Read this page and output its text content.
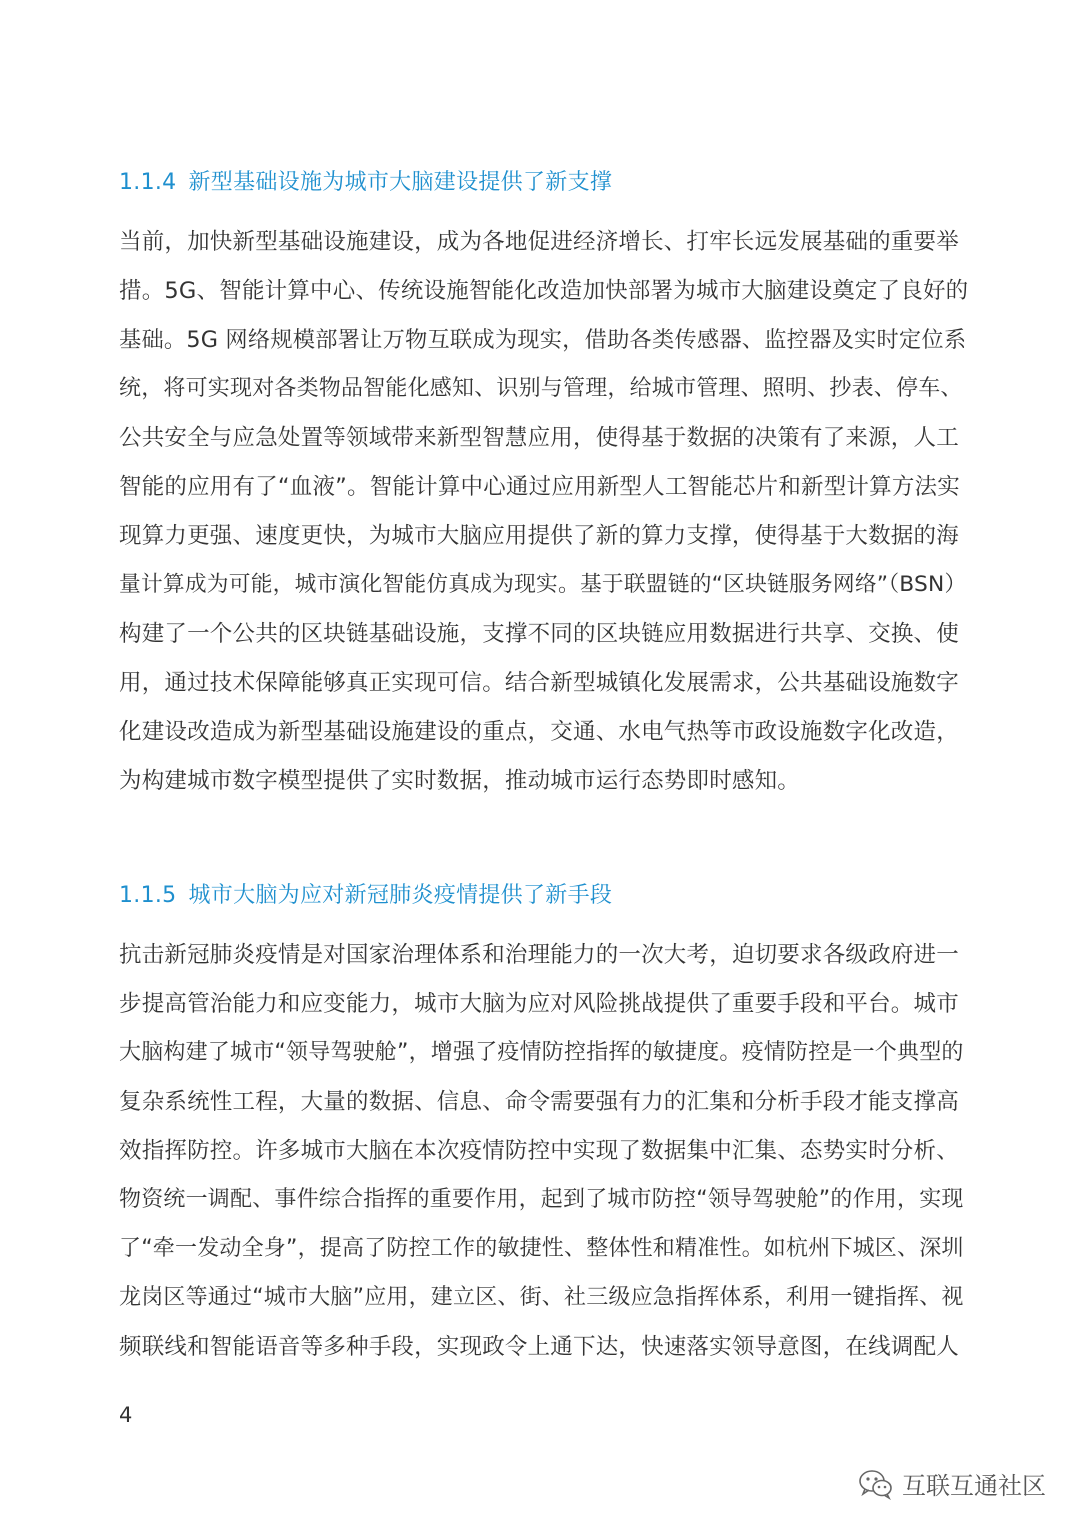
1.1.4 新型基础设施为城市大脑建设提供了新支撑
当前，加快新型基础设施建设，成为各地促进经济增长、打牢长远发展基础的重要举
措。5G、智能计算中心、传统设施智能化改造加快部署为城市大脑建设奠定了良好的
基础。5G 网络规模部署让万物互联成为现实，借助各类传感器、监控器及实时定位系
统，将可实现对各类物品智能化感知、识别与管理，给城市管理、照明、抄表、停车、
公共安全与应急处置等领域带来新型智慧应用，使得基于数据的决策有了来源，人工
智能的应用有了“血液”。智能计算中心通过应用新型人工智能芯片和新型计算方法实
现算力更强、速度更快，为城市大脑应用提供了新的算力支撑，使得基于大数据的海
量计算成为可能，城市演化智能仿真成为现实。基于联盟链的“区块链服务网络”（BSN）
构建了一个公共的区块链基础设施，支撑不同的区块链应用数据进行共享、交换、使
用，通过技术保障能够真正实现可信。结合新型城镇化发展需求，公共基础设施数字
化建设改造成为新型基础设施建设的重点，交通、水电气热等市政设施数字化改造，
为构建城市数字模型提供了实时数据，推动城市运行态势即时感知。
1.1.5 城市大脑为应对新冠肺炎疫情提供了新手段
抗击新冠肺炎疫情是对国家治理体系和治理能力的一次大考，迫切要求各级政府进一
步提高管治能力和应变能力，城市大脑为应对风险挑战提供了重要手段和平台。城市
大脑构建了城市“领导驾驶舱”，增强了疫情防控指挥的敏捷度。疫情防控是一个典型的
复杂系统性工程，大量的数据、信息、命令需要强有力的汇集和分析手段才能支撑高
效指挥防控。许多城市大脑在本次疫情防控中实现了数据集中汇集、态势实时分析、
物资统一调配、事件综合指挥的重要作用，起到了城市防控“领导驾驶舱”的作用，实现
了“牵一发动全身”，提高了防控工作的敏捷性、整体性和精准性。如杭州下城区、深圳
龙岗区等通过“城市大脑”应用，建立区、街、社三级应急指挥体系，利用一键指挥、视
频联线和智能语音等多种手段，实现政令上通下达，快速落实领导意图，在线调配人
4
互联互通社区
